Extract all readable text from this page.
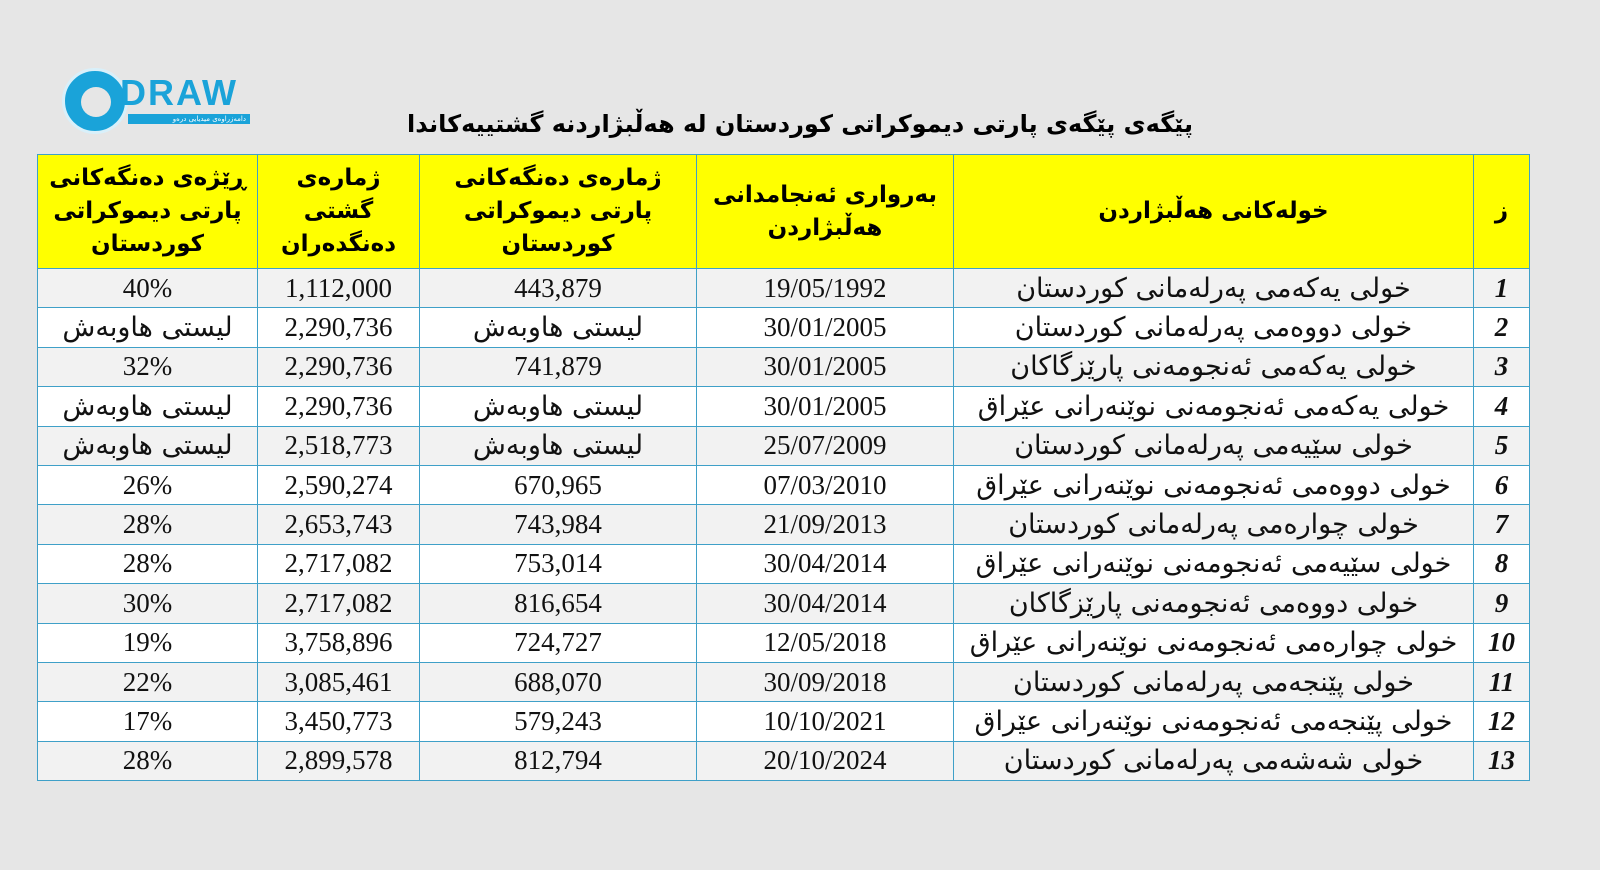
DRAW
دامەزراوەی میدیایی درەو	پێگەی پێگەی پارتی دیموکراتی کوردستان لە هەڵبژاردنە گشتییەکاندا
ز	خولەکانی هەڵبژاردن	بەرواری ئەنجامدانی هەڵبژاردن	ژمارەی دەنگەکانی پارتی دیموکراتی کوردستان	ژمارەی گشتی دەنگدەران	ڕێژەی دەنگەکانی پارتی دیموکراتی کوردستان
1	خولی یەکەمی پەرلەمانی کوردستان	19/05/1992	443,879	1,112,000	40%
2	خولی دووەمی پەرلەمانی کوردستان	30/01/2005	لیستی هاوبەش	2,290,736	لیستی هاوبەش
3	خولی یەکەمی ئەنجومەنی پارێزگاکان	30/01/2005	741,879	2,290,736	32%
4	خولی یەکەمی ئەنجومەنی نوێنەرانی عێراق	30/01/2005	لیستی هاوبەش	2,290,736	لیستی هاوبەش
5	خولی سێیەمی پەرلەمانی کوردستان	25/07/2009	لیستی هاوبەش	2,518,773	لیستی هاوبەش
6	خولی دووەمی ئەنجومەنی نوێنەرانی عێراق	07/03/2010	670,965	2,590,274	26%
7	خولی چوارەمی پەرلەمانی کوردستان	21/09/2013	743,984	2,653,743	28%
8	خولی سێیەمی ئەنجومەنی نوێنەرانی عێراق	30/04/2014	753,014	2,717,082	28%
9	خولی دووەمی ئەنجومەنی پارێزگاکان	30/04/2014	816,654	2,717,082	30%
10	خولی چوارەمی ئەنجومەنی نوێنەرانی عێراق	12/05/2018	724,727	3,758,896	19%
11	خولی پێنجەمی پەرلەمانی کوردستان	30/09/2018	688,070	3,085,461	22%
12	خولی پێنجەمی ئەنجومەنی نوێنەرانی عێراق	10/10/2021	579,243	3,450,773	17%
13	خولی شەشەمی پەرلەمانی کوردستان	20/10/2024	812,794	2,899,578	28%
